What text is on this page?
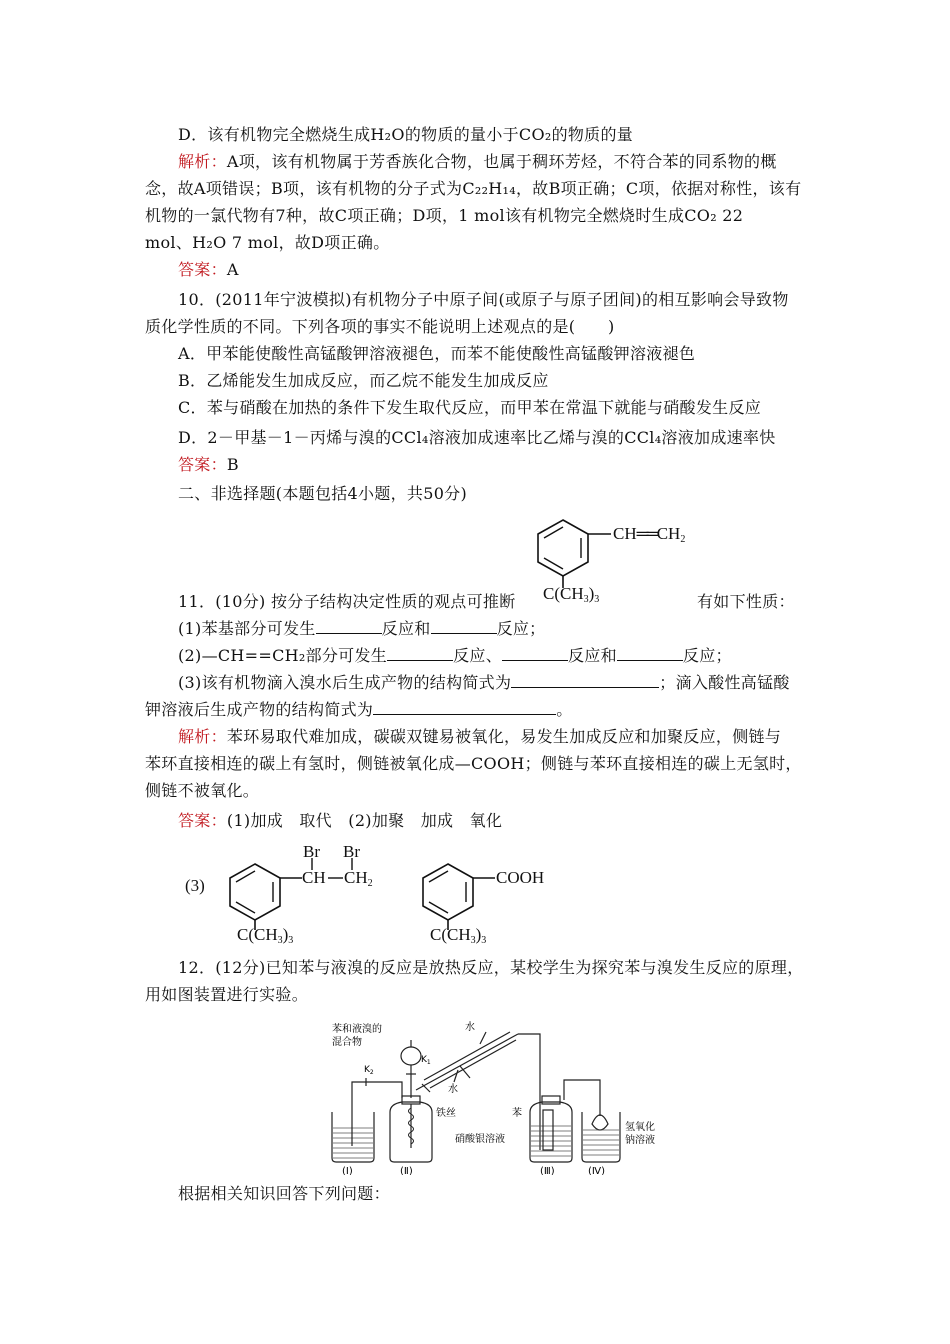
D．该有机物完全燃烧生成H₂O的物质的量小于CO₂的物质的量
解析：A项，该有机物属于芳香族化合物，也属于稠环芳烃，不符合苯的同系物的概
念，故A项错误；B项，该有机物的分子式为C₂₂H₁₄，故B项正确；C项，依据对称性，该有
机物的一氯代物有7种，故C项正确；D项，1 mol该有机物完全燃烧时生成CO₂ 22
mol、H₂O 7 mol，故D项正确。
答案：A
10．(2011年宁波模拟)有机物分子中原子间(或原子与原子团间)的相互影响会导致物
质化学性质的不同。下列各项的事实不能说明上述观点的是(　　)
A．甲苯能使酸性高锰酸钾溶液褪色，而苯不能使酸性高锰酸钾溶液褪色
B．乙烯能发生加成反应，而乙烷不能发生加成反应
C．苯与硝酸在加热的条件下发生取代反应，而甲苯在常温下就能与硝酸发生反应
D．2－甲基－1－丙烯与溴的CCl₄溶液加成速率比乙烯与溴的CCl₄溶液加成速率快
答案：B
二、非选择题(本题包括4小题，共50分)
$CH══CH_2$
$C(CH_3)_3$
11．(10分) 按分子结构决定性质的观点可推断	有如下性质：
(1)苯基部分可发生	反应和	反应；
(2)—CH==CH₂部分可发生	反应、	反应和	反应；
(3)该有机物滴入溴水后生成产物的结构简式为	；滴入酸性高锰酸
钾溶液后生成产物的结构简式为	。
解析：苯环易取代难加成，碳碳双键易被氧化，易发生加成反应和加聚反应，侧链与
苯环直接相连的碳上有氢时，侧链被氧化成—COOH；侧链与苯环直接相连的碳上无氢时，
侧链不被氧化。
答案：(1)加成　取代　(2)加聚　加成　氧化
(3)
Br Br
CH $CH_2$	COOH
$C(CH_3)_3$	$C(CH_3)_3$
12．(12分)已知苯与液溴的反应是放热反应，某校学生为探究苯与溴发生反应的原理，
用如图装置进行实验。
苯和液溴的
混合物
水
水
$K_1$
$K_2$
铁丝	苯
硝酸银溶液
氢氧化
钠溶液
(Ⅰ)	(Ⅱ)	(Ⅲ)	(Ⅳ)
根据相关知识回答下列问题：
